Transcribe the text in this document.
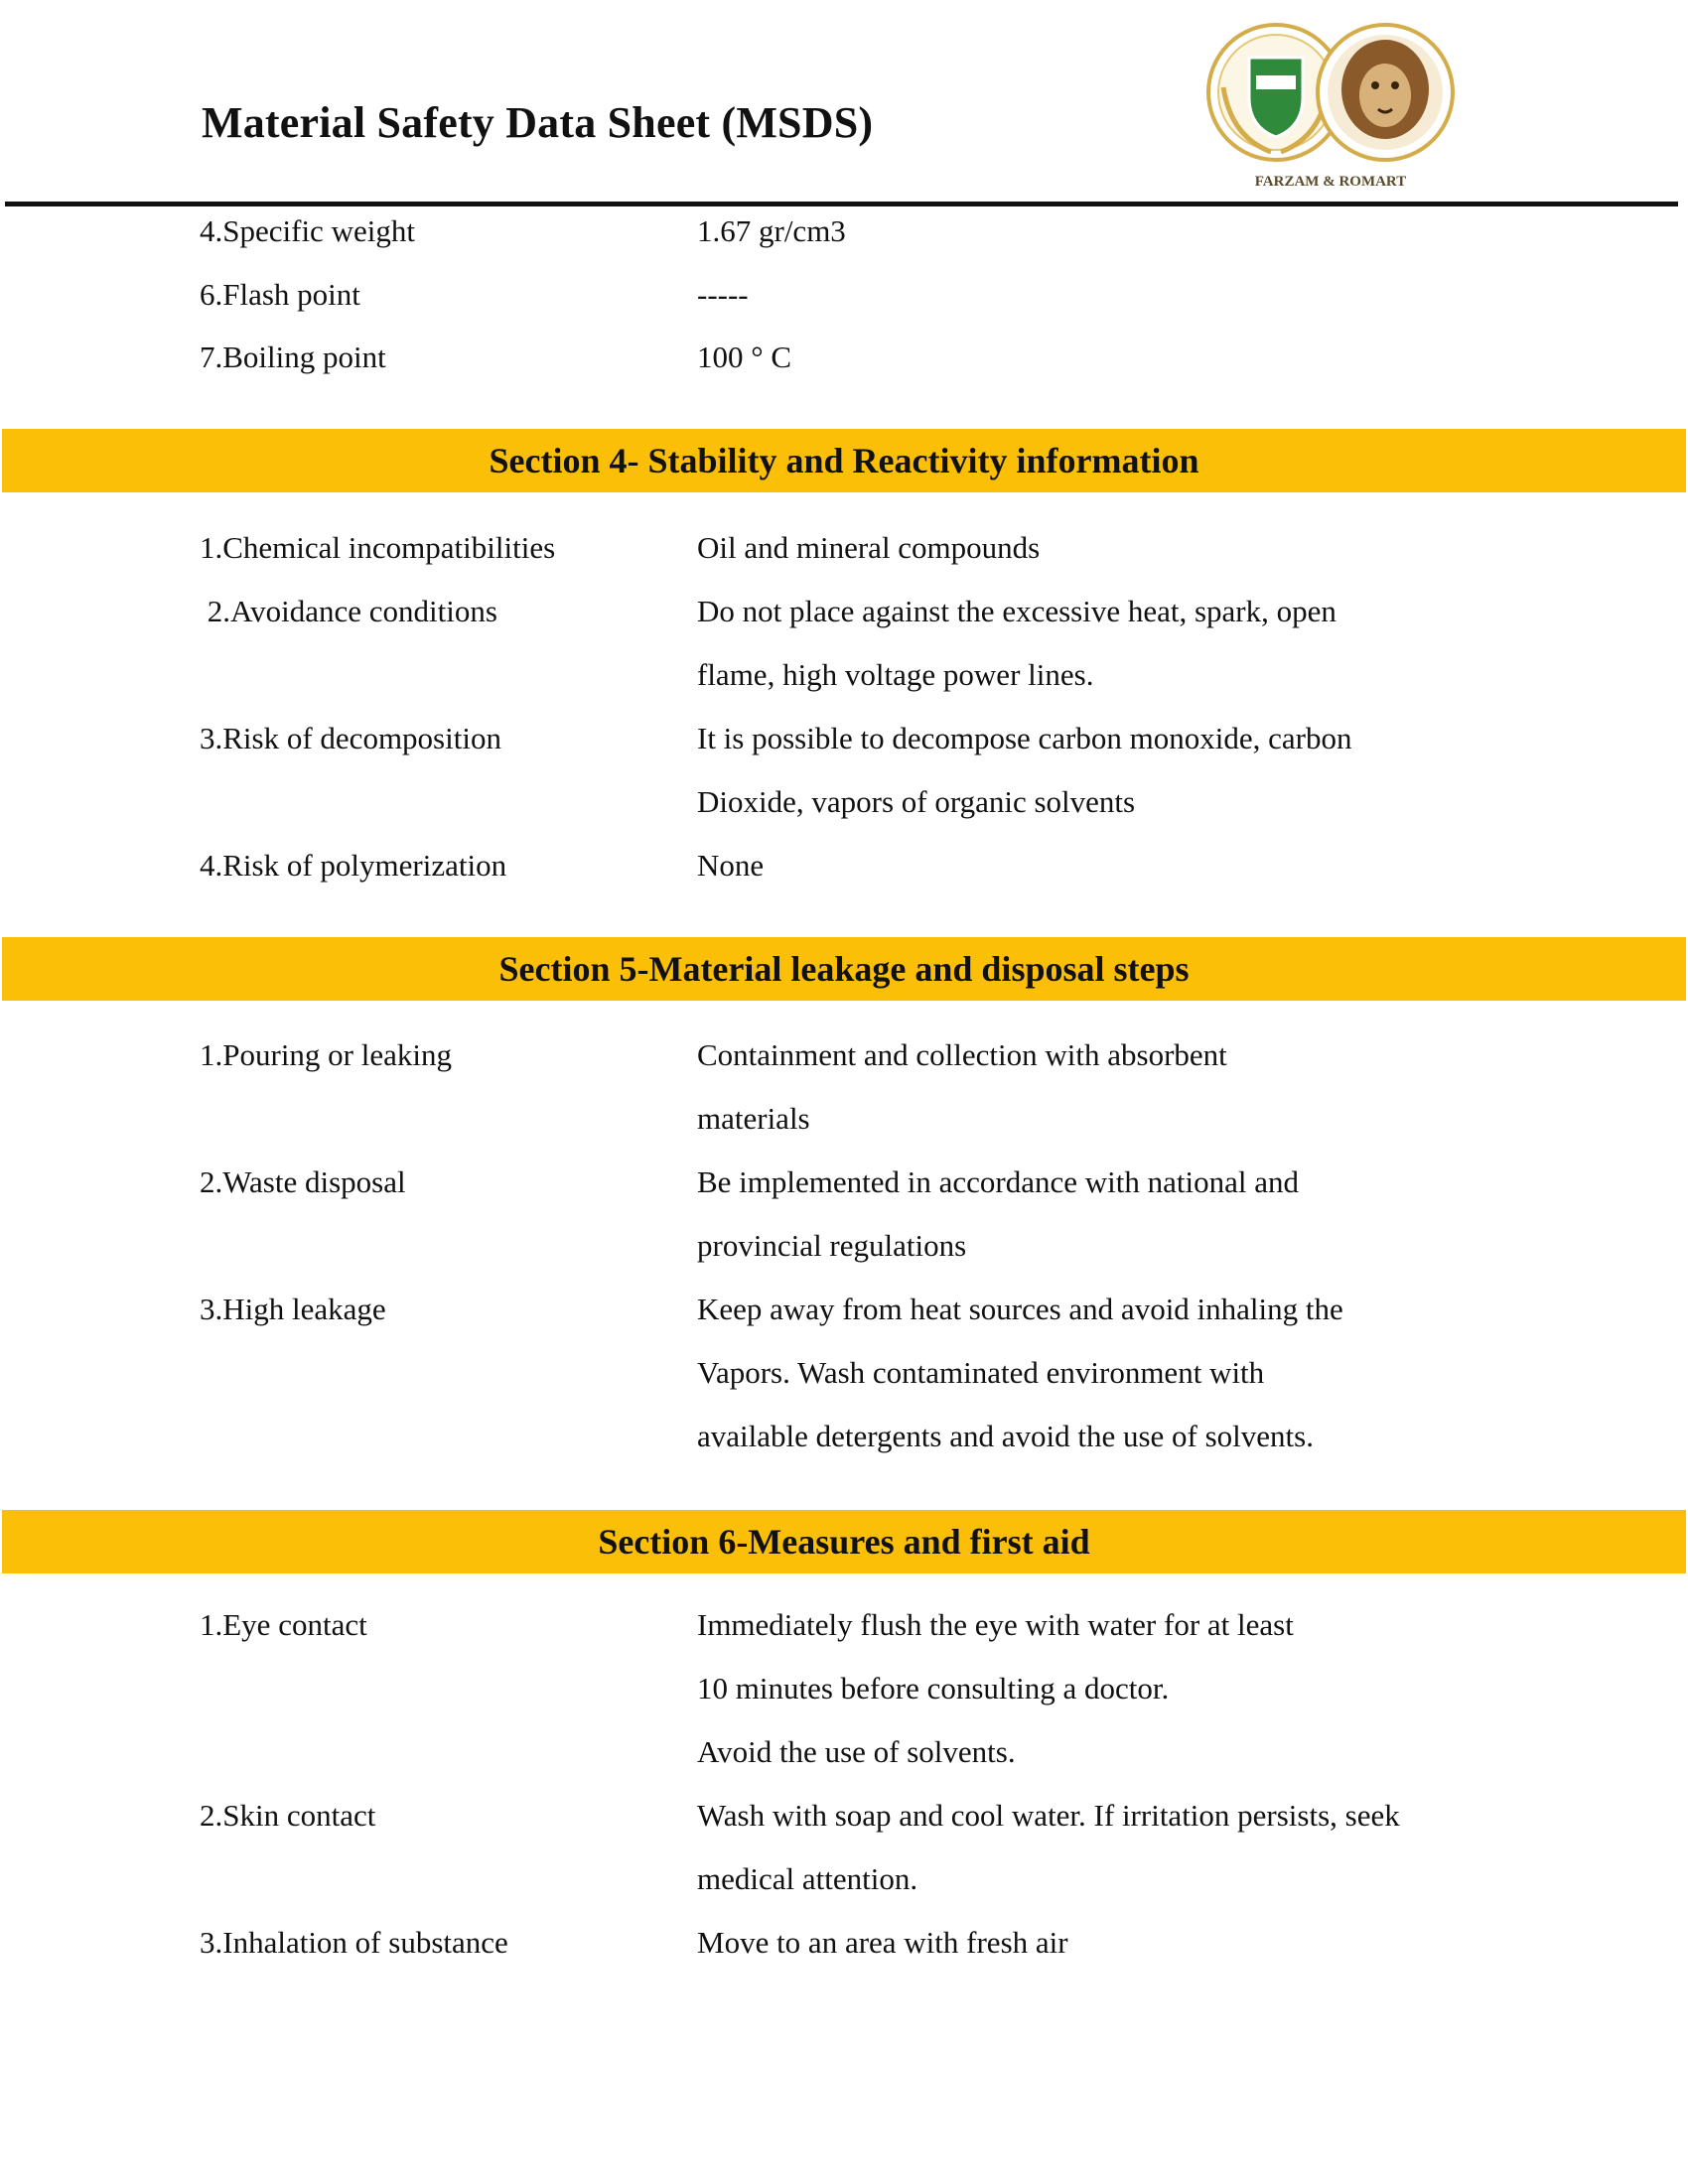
Material Safety Data Sheet (MSDS)
FARZAM & ROMART
4.Specific weight	1.67 gr/cm3
6.Flash point	-----
7.Boiling point	100 ° C
Section 4- Stability and Reactivity information
1.Chemical incompatibilities	Oil and mineral compounds
2.Avoidance conditions	Do not place against the excessive heat, spark, open
flame, high voltage power lines.
3.Risk of decomposition	It is possible to decompose carbon monoxide, carbon
Dioxide, vapors of organic solvents
4.Risk of polymerization	None
Section 5-Material leakage and disposal steps
1.Pouring or leaking	Containment and collection with absorbent
materials
2.Waste disposal	Be implemented in accordance with national and
provincial regulations
3.High leakage	Keep away from heat sources and avoid inhaling the
Vapors. Wash contaminated environment with
available detergents and avoid the use of solvents.
Section 6-Measures and first aid
1.Eye contact	Immediately flush the eye with water for at least
10 minutes before consulting a doctor.
Avoid the use of solvents.
2.Skin contact	Wash with soap and cool water. If irritation persists, seek
medical attention.
3.Inhalation of substance	Move to an area with fresh air
